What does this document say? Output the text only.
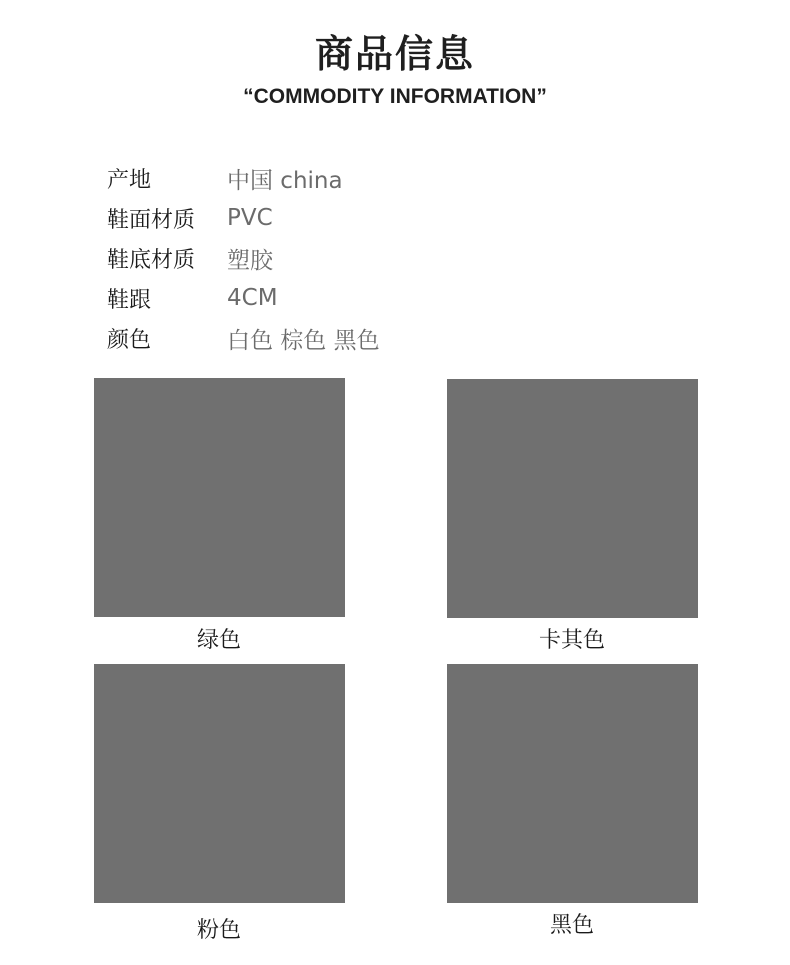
商品信息
“COMMODITY INFORMATION”
产地	中国 china
鞋面材质	PVC
鞋底材质	塑胶
鞋跟	4CM
颜色	白色 棕色 黑色
绿色	卡其色
粉色	黑色
